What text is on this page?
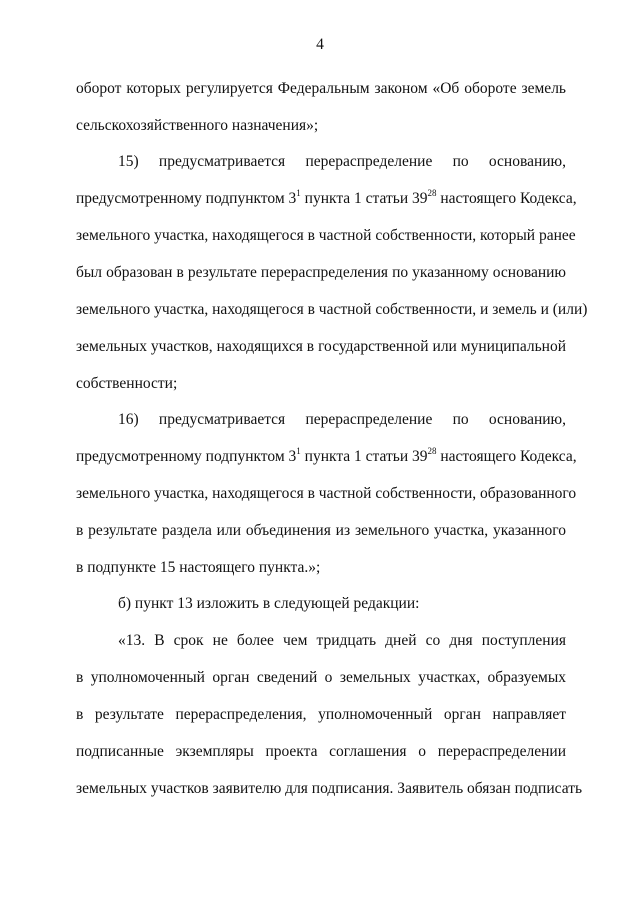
4
оборот которых регулируется Федеральным законом «Об обороте земель
сельскохозяйственного назначения»;
15) предусматривается перераспределение по основанию,
предусмотренному подпунктом $3^1$ пункта 1 статьи $39^{28}$ настоящего Кодекса,
земельного участка, находящегося в частной собственности, который ранее
был образован в результате перераспределения по указанному основанию
земельного участка, находящегося в частной собственности, и земель и (или)
земельных участков, находящихся в государственной или муниципальной
собственности;
16) предусматривается перераспределение по основанию,
предусмотренному подпунктом $3^1$ пункта 1 статьи $39^{28}$ настоящего Кодекса,
земельного участка, находящегося в частной собственности, образованного
в результате раздела или объединения из земельного участка, указанного
в подпункте 15 настоящего пункта.»;
б) пункт 13 изложить в следующей редакции:
«13. В срок не более чем тридцать дней со дня поступления
в уполномоченный орган сведений о земельных участках, образуемых
в результате перераспределения, уполномоченный орган направляет
подписанные экземпляры проекта соглашения о перераспределении
земельных участков заявителю для подписания. Заявитель обязан подписать
